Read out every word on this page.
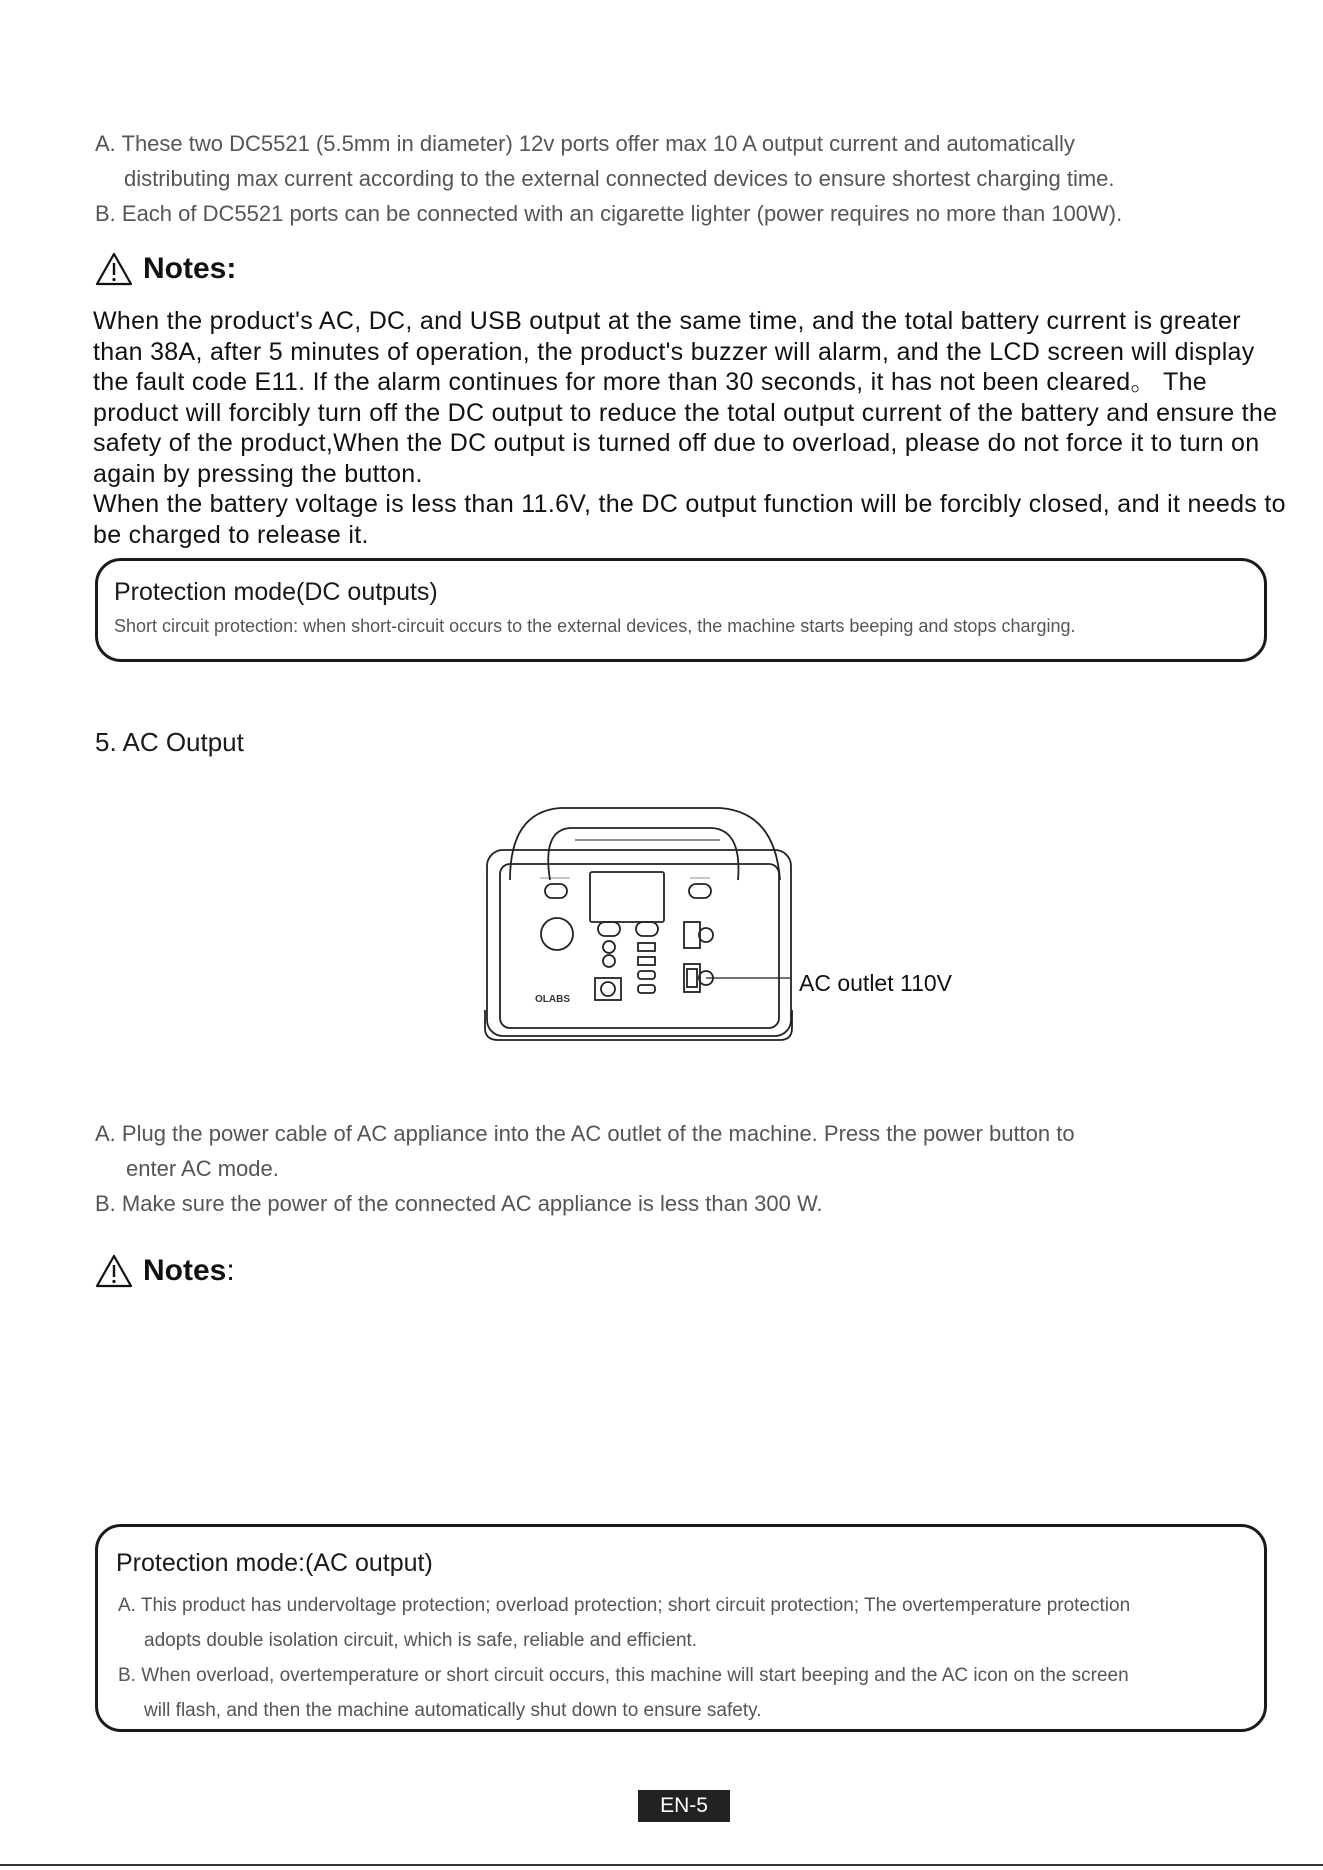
A. These two DC5521 (5.5mm in diameter) 12v ports offer max 10 A output current and automatically
distributing max current according to the external connected devices to ensure shortest charging time.
B. Each of DC5521 ports can be connected with an cigarette lighter (power requires no more than 100W).
Notes:

When the product's AC, DC, and USB output at the same time, and the total battery current is greater than 38A, after 5 minutes of operation, the product's buzzer will alarm, and the LCD screen will display the fault code E11. If the alarm continues for more than 30 seconds, it has not been cleared。 The product will forcibly turn off the DC output to reduce the total output current of the battery and ensure the safety of the product,When the DC output is turned off due to overload, please do not force it to turn on again by pressing the button.

When the battery voltage is less than 11.6V, the DC output function will be forcibly closed, and it needs to be charged to release it.

Protection mode(DC outputs)
Short circuit protection: when short-circuit occurs to the external devices, the machine starts beeping and stops charging.
5. AC Output
OLABS
AC outlet 110V
A. Plug the power cable of AC appliance into the AC outlet of the machine. Press the power button to
enter AC mode.
B. Make sure the power of the connected AC appliance is less than 300 W.
Notes:
Protection mode:(AC output)
A. This product has undervoltage protection; overload protection; short circuit protection; The overtemperature protection
adopts double isolation circuit, which is safe, reliable and efficient.
B. When overload, overtemperature or short circuit occurs, this machine will start beeping and the AC icon on the screen
will flash, and then the machine automatically shut down to ensure safety.
EN-5
